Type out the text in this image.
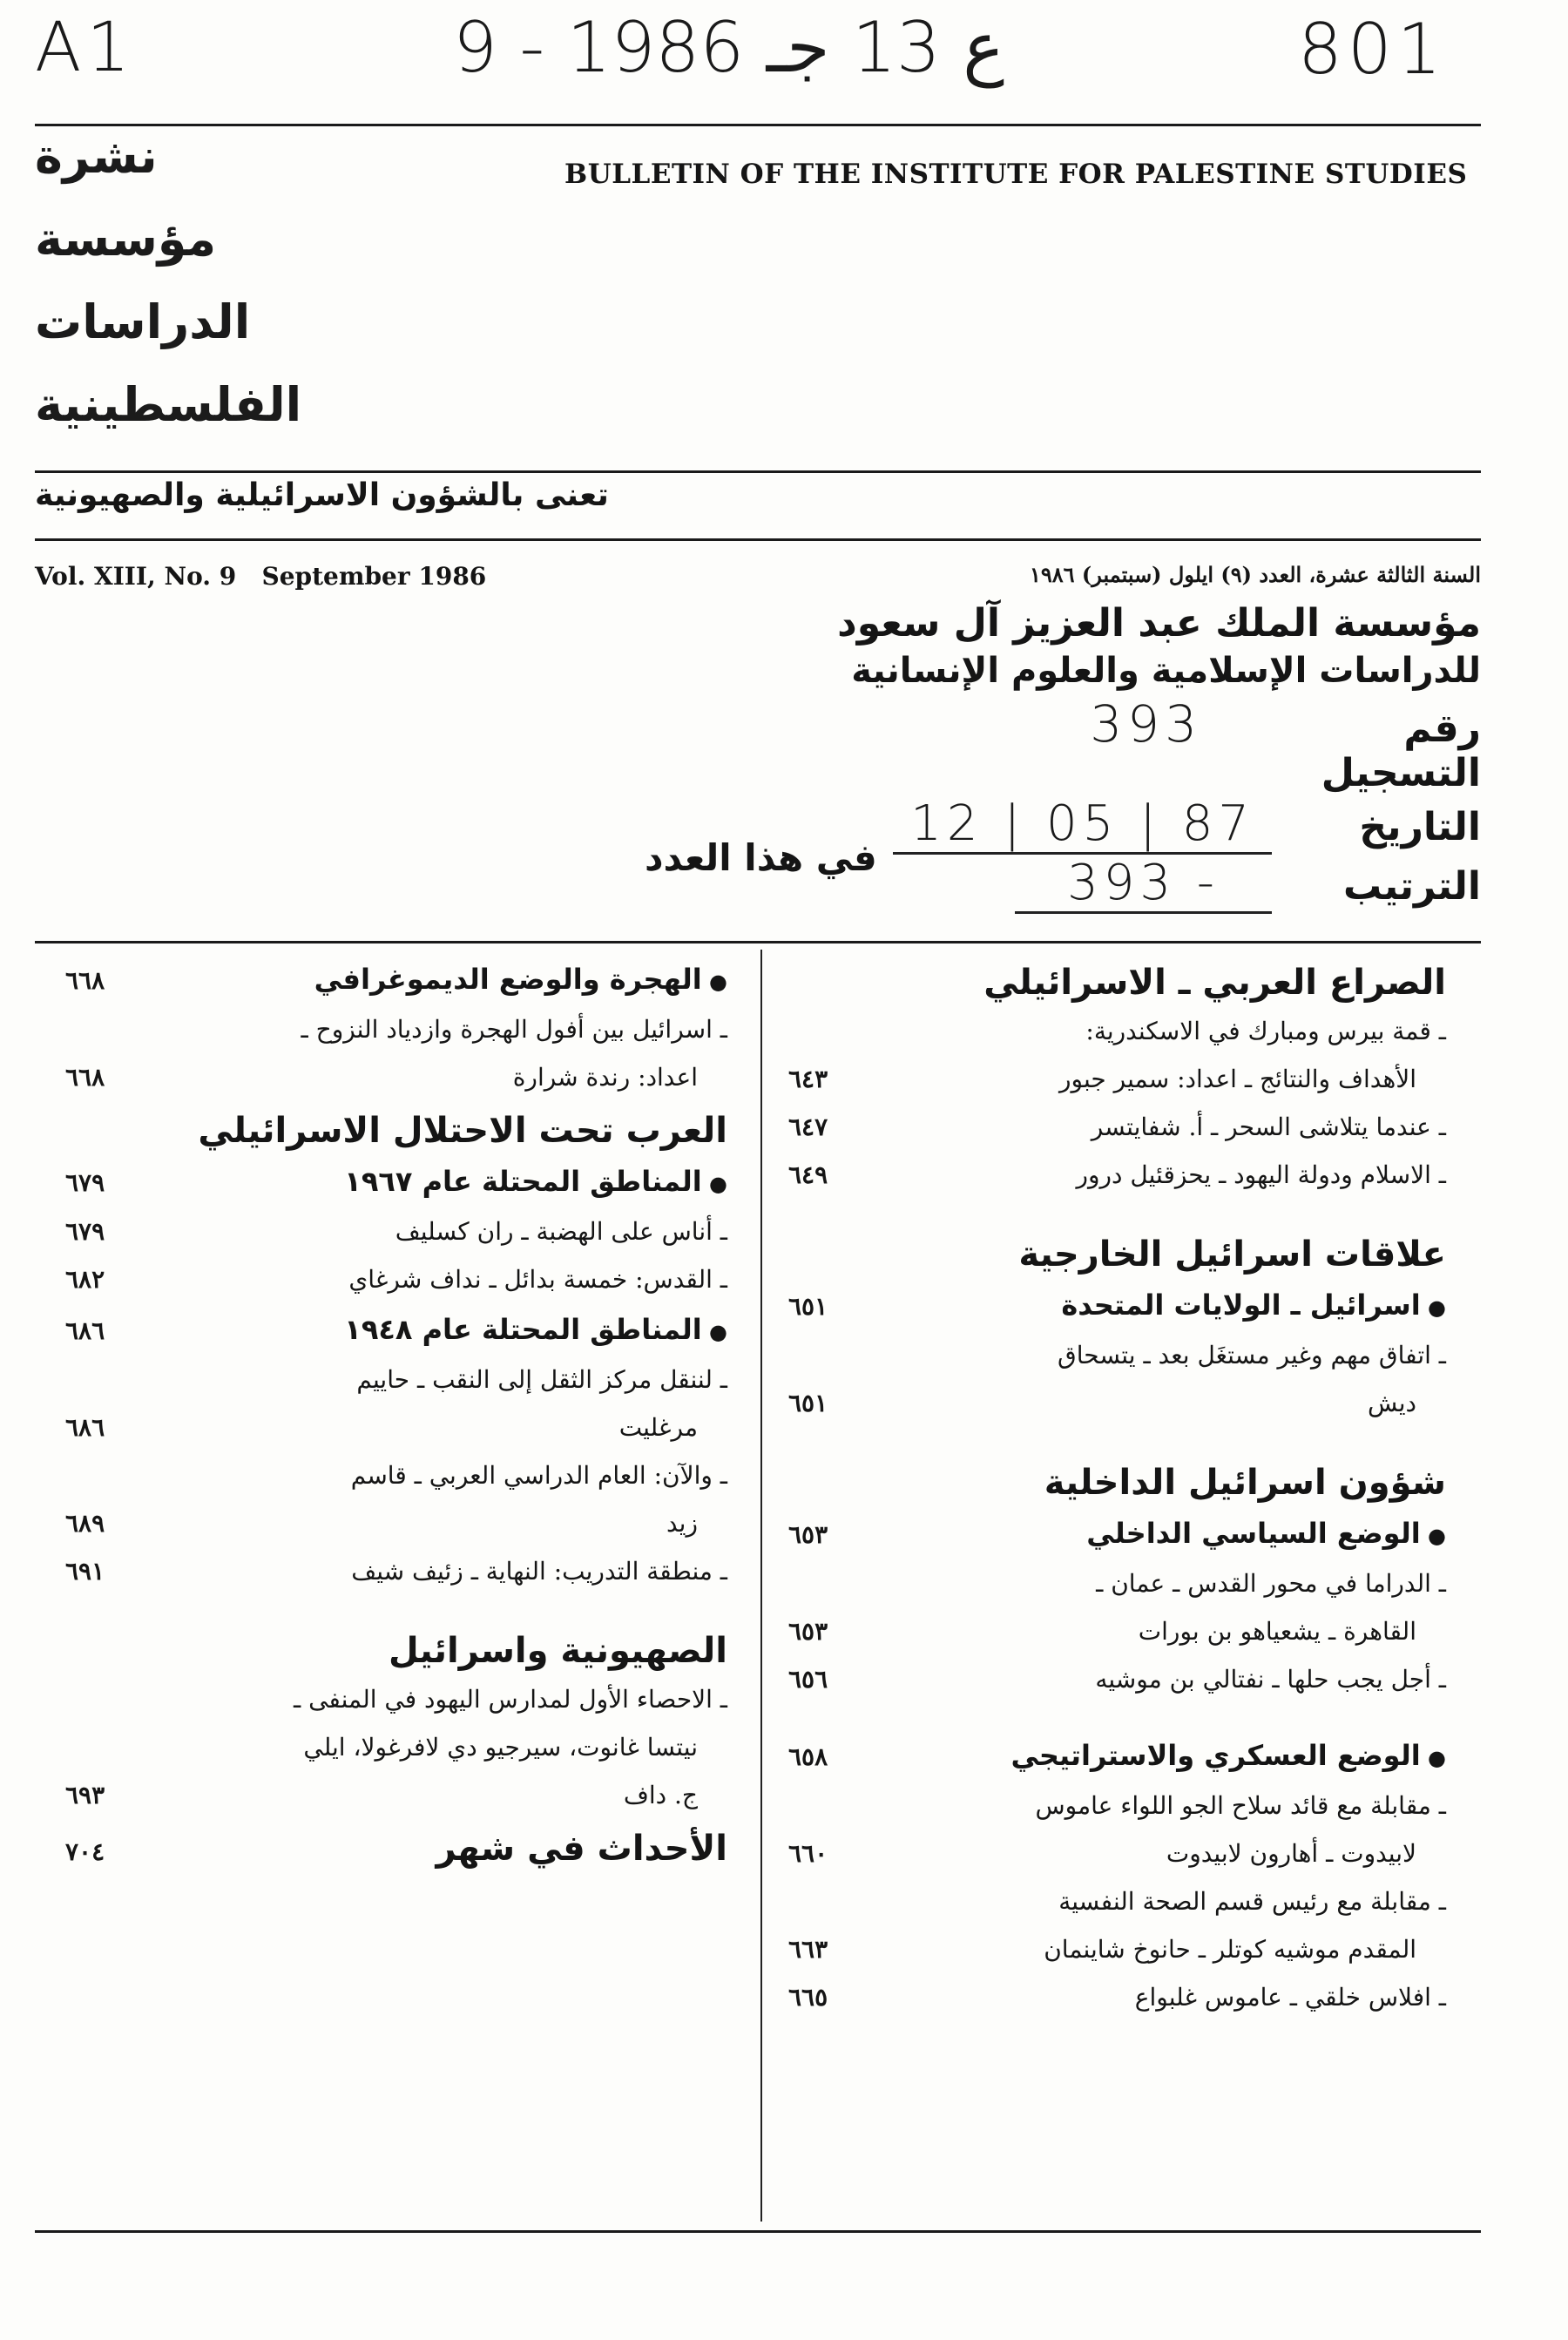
A1	9 - ع 13 جـ 1986	801
نشرة
مؤسسة
الدراسات
الفلسطينية
BULLETIN OF THE INSTITUTE FOR PALESTINE STUDIES
تعنى بالشؤون الاسرائيلية والصهيونية
Vol. XIII, No. 9   September 1986	السنة الثالثة عشرة، العدد (٩) ايلول (سبتمبر) ١٩٨٦
مؤسسة الملك عبد العزيز آل سعود
للدراسات الإسلامية والعلوم الإنسانية
رقم التسجيل
393
التاريخ
12 | 05 | 87
الترتيب
393 -
في هذا العدد
الصراع العربي ـ الاسرائيلي
ـ قمة بيرس ومبارك في الاسكندرية:
الأهداف والنتائج ـ اعداد: سمير جبور
٦٤٣
ـ عندما يتلاشى السحر ـ أ. شفايتسر
٦٤٧
ـ الاسلام ودولة اليهود ـ يحزقئيل درور
٦٤٩
علاقات اسرائيل الخارجية
● اسرائيل ـ الولايات المتحدة
٦٥١
ـ اتفاق مهم وغير مستغَل بعد ـ يتسحاق
ديش
٦٥١
شؤون اسرائيل الداخلية
● الوضع السياسي الداخلي
٦٥٣
ـ الدراما في محور القدس ـ عمان ـ
القاهرة ـ يشعياهو بن بورات
٦٥٣
ـ أجل يجب حلها ـ نفتالي بن موشيه
٦٥٦
● الوضع العسكري والاستراتيجي
٦٥٨
ـ مقابلة مع قائد سلاح الجو اللواء عاموس
لابيدوت ـ أهارون لابيدوت
٦٦٠
ـ مقابلة مع رئيس قسم الصحة النفسية
المقدم موشيه كوتلر ـ حانوخ شاينمان
٦٦٣
ـ افلاس خلقي ـ عاموس غلبواع
٦٦٥
● الهجرة والوضع الديموغرافي
٦٦٨
ـ اسرائيل بين أفول الهجرة وازدياد النزوح ـ
اعداد: رندة شرارة
٦٦٨
العرب تحت الاحتلال الاسرائيلي
● المناطق المحتلة عام ١٩٦٧
٦٧٩
ـ أناس على الهضبة ـ ران كسليف
٦٧٩
ـ القدس: خمسة بدائل ـ نداف شرغاي
٦٨٢
● المناطق المحتلة عام ١٩٤٨
٦٨٦
ـ لننقل مركز الثقل إلى النقب ـ حاييم
مرغليت
٦٨٦
ـ والآن: العام الدراسي العربي ـ قاسم
زيد
٦٨٩
ـ منطقة التدريب: النهاية ـ زئيف شيف
٦٩١
الصهيونية واسرائيل
ـ الاحصاء الأول لمدارس اليهود في المنفى ـ
نيتسا غانوت، سيرجيو دي لافرغولا، ايلي
ج. داف
٦٩٣
الأحداث في شهر
٧٠٤
